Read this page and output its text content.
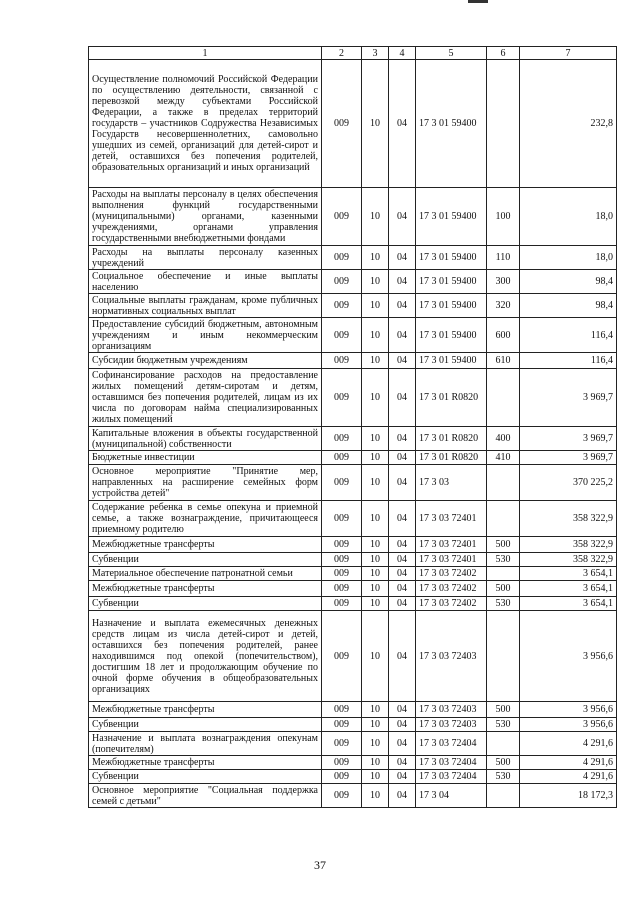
1	2	3	4	5	6	7
Осуществление полномочий Российской Федерации по осуществлению деятельности, связанной с перевозкой между субъектами Российской Федерации, а также в пределах территорий государств – участников Содружества Независимых Государств несовершеннолетних, самовольно ушедших из семей, организаций для детей-сирот и детей, оставшихся без попечения родителей, образовательных организаций и иных организаций	009	10	04	17 3 01 59400		232,8
Расходы на выплаты персоналу в целях обеспечения выполнения функций государственными (муниципальными) органами, казенными учреждениями, органами управления государственными внебюджетными фондами	009	10	04	17 3 01 59400	100	18,0
Расходы на выплаты персоналу казенных учреждений	009	10	04	17 3 01 59400	110	18,0
Социальное обеспечение и иные выплаты населению	009	10	04	17 3 01 59400	300	98,4
Социальные выплаты гражданам, кроме публичных нормативных социальных выплат	009	10	04	17 3 01 59400	320	98,4
Предоставление субсидий бюджетным, автономным учреждениям и иным некоммерческим организациям	009	10	04	17 3 01 59400	600	116,4
Субсидии бюджетным учреждениям	009	10	04	17 3 01 59400	610	116,4
Софинансирование расходов на предоставление жилых помещений детям-сиротам и детям, оставшимся без попечения родителей, лицам из их числа по договорам найма специализированных жилых помещений	009	10	04	17 3 01 R0820		3 969,7
Капитальные вложения в объекты государственной (муниципальной) собственности	009	10	04	17 3 01 R0820	400	3 969,7
Бюджетные инвестиции	009	10	04	17 3 01 R0820	410	3 969,7
Основное мероприятие "Принятие мер, направленных на расширение семейных форм устройства детей"	009	10	04	17 3 03		370 225,2
Содержание ребенка в семье опекуна и приемной семье, а также вознаграждение, причитающееся приемному родителю	009	10	04	17 3 03 72401		358 322,9
Межбюджетные трансферты	009	10	04	17 3 03 72401	500	358 322,9
Субвенции	009	10	04	17 3 03 72401	530	358 322,9
Материальное обеспечение патронатной семьи	009	10	04	17 3 03 72402		3 654,1
Межбюджетные трансферты	009	10	04	17 3 03 72402	500	3 654,1
Субвенции	009	10	04	17 3 03 72402	530	3 654,1
Назначение и выплата ежемесячных денежных средств лицам из числа детей-сирот и детей, оставшихся без попечения родителей, ранее находившимся под опекой (попечительством), достигшим 18 лет и продолжающим обучение по очной форме обучения в общеобразовательных организациях	009	10	04	17 3 03 72403		3 956,6
Межбюджетные трансферты	009	10	04	17 3 03 72403	500	3 956,6
Субвенции	009	10	04	17 3 03 72403	530	3 956,6
Назначение и выплата вознаграждения опекунам (попечителям)	009	10	04	17 3 03 72404		4 291,6
Межбюджетные трансферты	009	10	04	17 3 03 72404	500	4 291,6
Субвенции	009	10	04	17 3 03 72404	530	4 291,6
Основное мероприятие "Социальная поддержка семей с детьми"	009	10	04	17 3 04		18 172,3
37
